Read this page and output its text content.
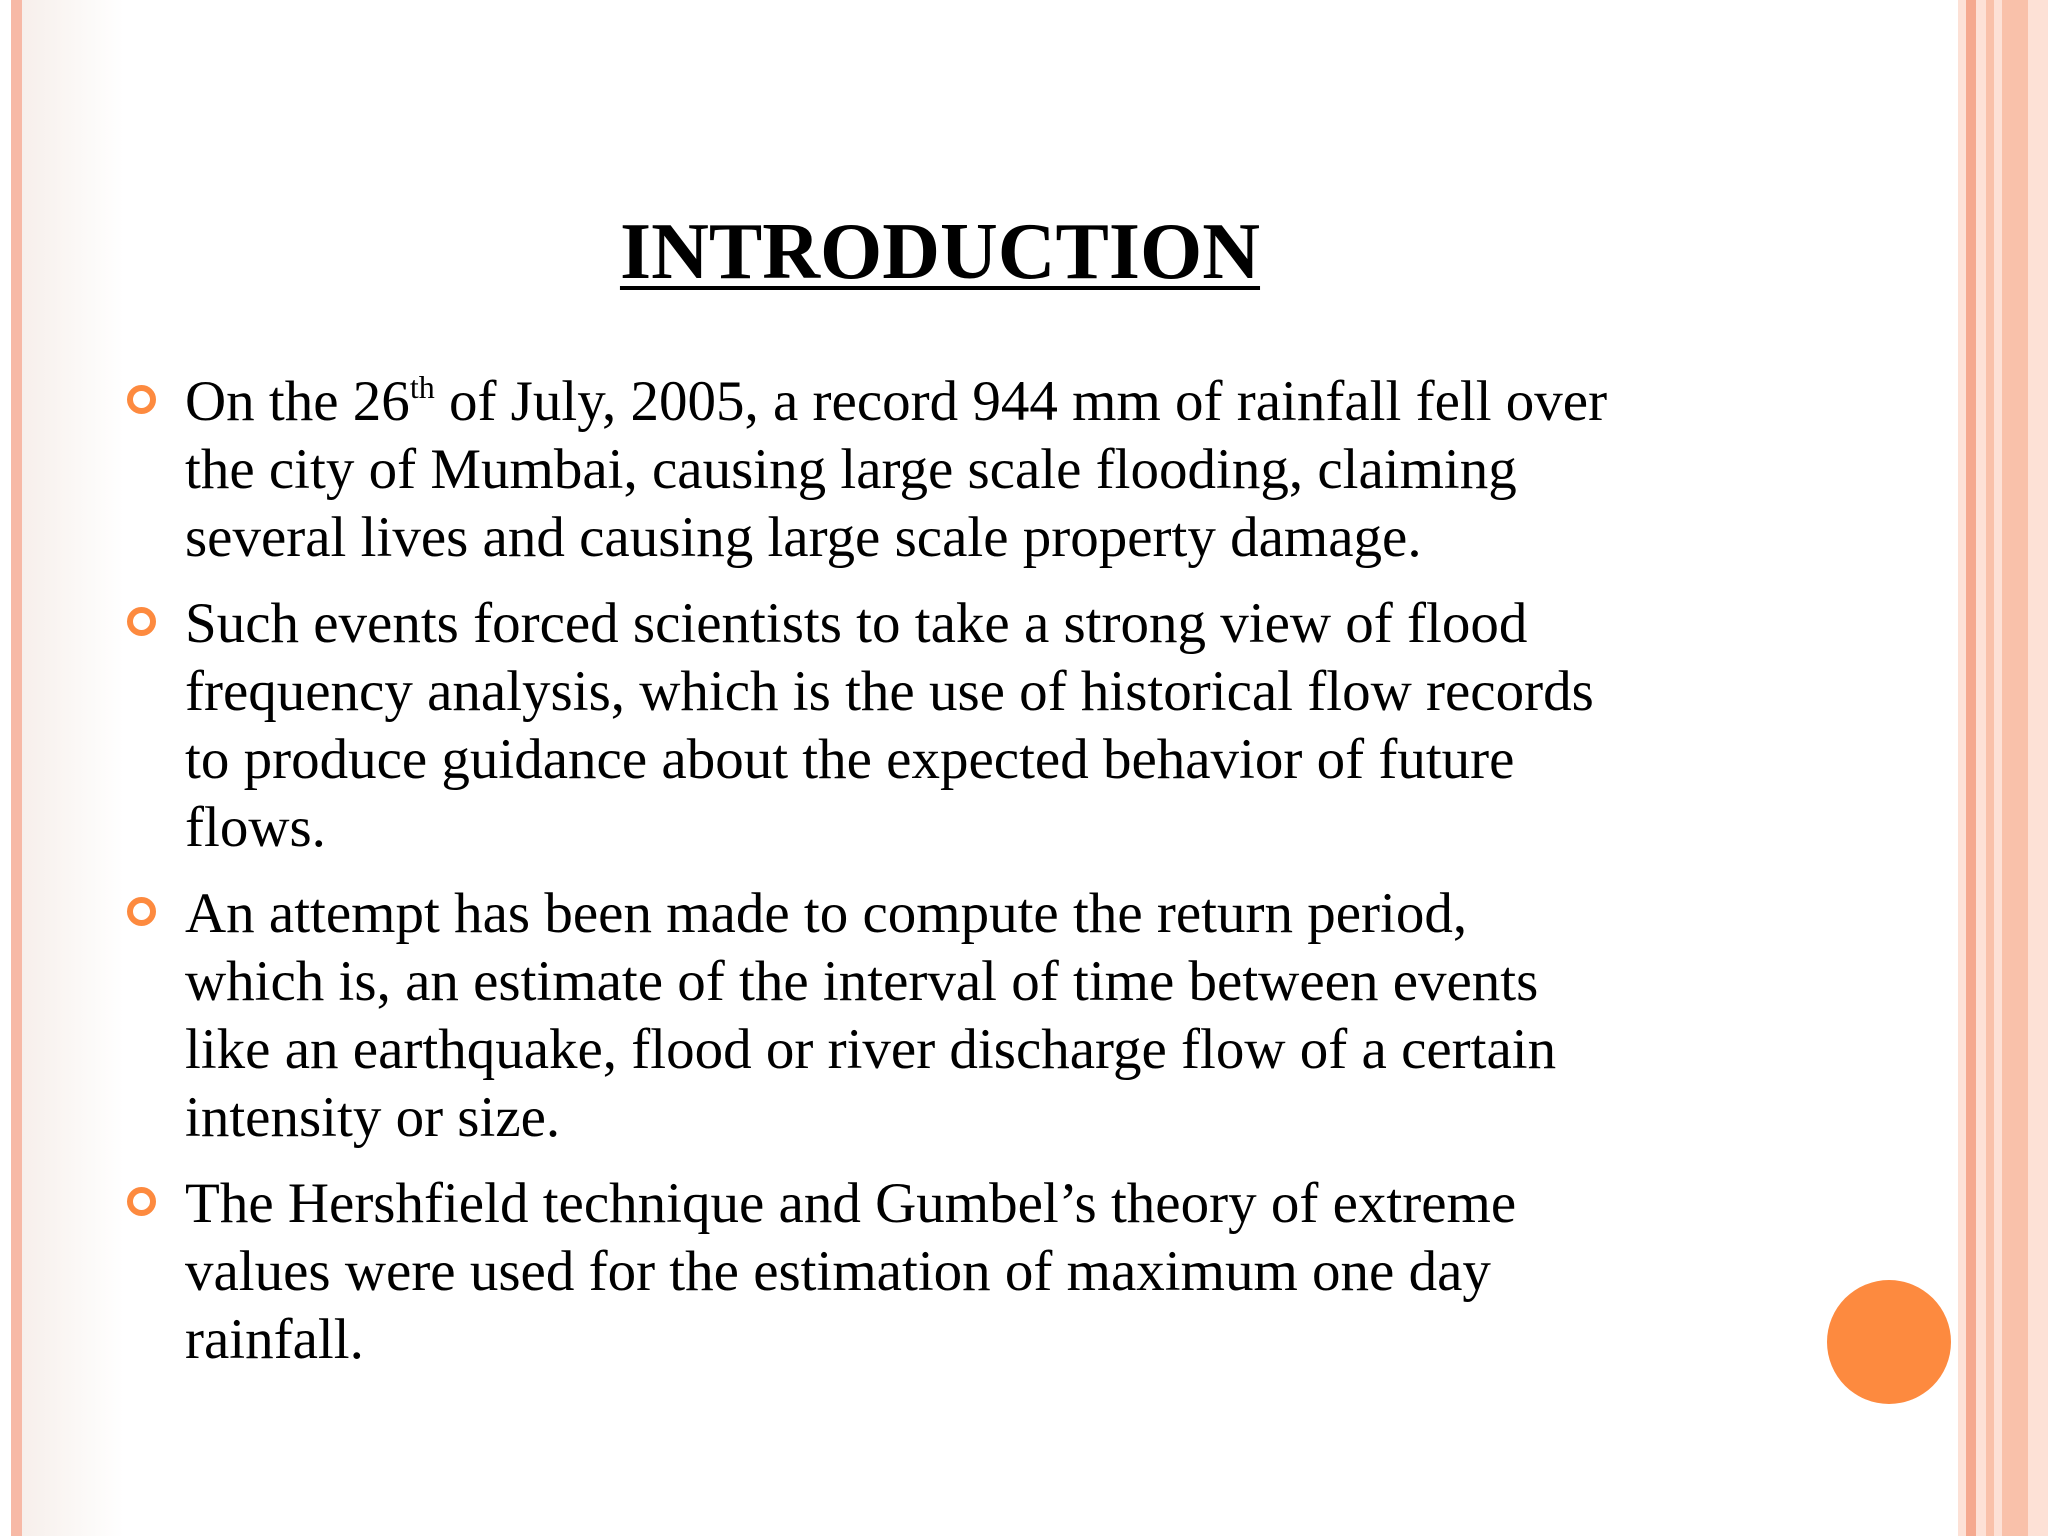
INTRODUCTION
On the 26th of July, 2005, a record 944 mm of rainfall fell over
the city of Mumbai, causing large scale flooding, claiming
several lives and causing large scale property damage.
Such events forced scientists to take a strong view of flood
frequency analysis, which is the use of historical flow records
to produce guidance about the expected behavior of future
flows.
An attempt has been made to compute the return period,
which is, an estimate of the interval of time between events
like an earthquake, flood or river discharge flow of a certain
intensity or size.
The Hershfield technique and Gumbel’s theory of extreme
values were used for the estimation of maximum one day
rainfall.
